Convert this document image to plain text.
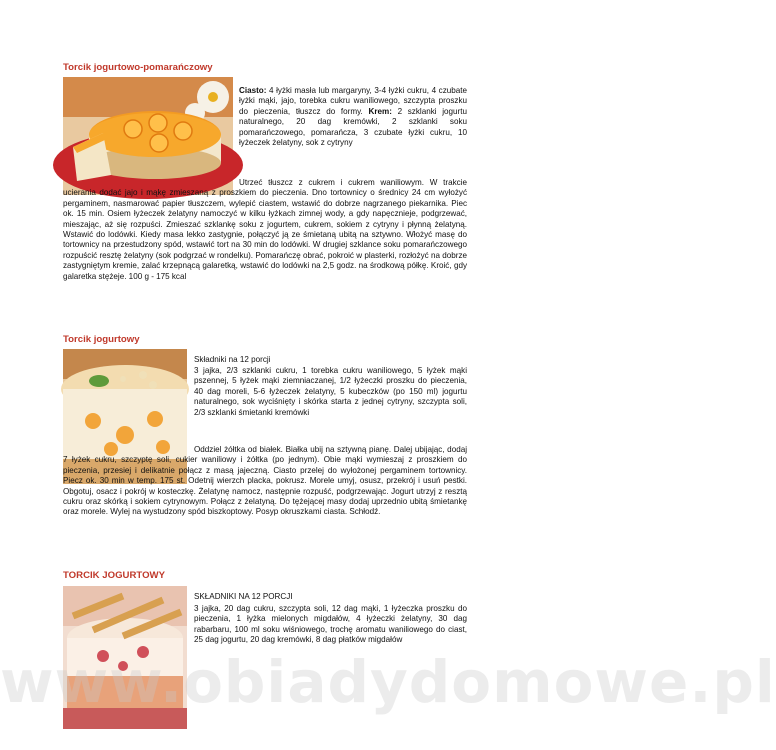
Torcik jogurtowo-pomarańczowy
Ciasto: 4 łyżki masła lub margaryny, 3-4 łyżki cukru, 4 czubate łyżki mąki, jajo, torebka cukru waniliowego, szczypta proszku do pieczenia, tłuszcz do formy. Krem: 2 szklanki jogurtu naturalnego, 20 dag kremówki, 2 szklanki soku pomarańczowego, pomarańcza, 3 czubate łyżki cukru, 10 łyżeczek żelatyny, sok z cytryny
Utrzeć tłuszcz z cukrem i cukrem waniliowym. W trakcie ucierania dodać jajo i mąkę zmieszaną z proszkiem do pieczenia. Dno tortownicy o średnicy 24 cm wyłożyć pergaminem, nasmarować papier tłuszczem, wylepić ciastem, wstawić do dobrze nagrzanego piekarnika. Piec ok. 15 min. Osiem łyżeczek żelatyny namoczyć w kilku łyżkach zimnej wody, a gdy napęcznieje, podgrzewać, mieszając, aż się rozpuści. Zmieszać szklankę soku z jogurtem, cukrem, sokiem z cytryny i płynną żelatyną. Wstawić do lodówki. Kiedy masa lekko zastygnie, połączyć ją ze śmietaną ubitą na sztywno. Włożyć masę do tortownicy na przestudzony spód, wstawić tort na 30 min do lodówki. W drugiej szklance soku pomarańczowego rozpuścić resztę żelatyny (sok podgrzać w rondelku). Pomarańczę obrać, pokroić w plasterki, rozłożyć na dobrze zastygniętym kremie, zalać krzepnącą galaretką, wstawić do lodówki na 2,5 godz. na środkową półkę. Kroić, gdy galaretka stężeje. 100 g - 175 kcal
Torcik jogurtowy
Składniki na 12 porcji
3 jajka, 2/3 szklanki cukru, 1 torebka cukru waniliowego, 5 łyżek mąki pszennej, 5 łyżek mąki ziemniaczanej, 1/2 łyżeczki proszku do pieczenia, 40 dag moreli, 5-6 łyżeczek żelatyny, 5 kubeczków (po 150 ml) jogurtu naturalnego, sok wyciśnięty i skórka starta z jednej cytryny, szczypta soli, 2/3 szklanki śmietanki kremówki
Oddziel żółtka od białek. Białka ubij na sztywną pianę. Dalej ubijając, dodaj 7 łyżek cukru, szczyptę soli, cukier waniliowy i żółtka (po jednym). Obie mąki wymieszaj z proszkiem do pieczenia, przesiej i delikatnie połącz z masą jajeczną. Ciasto przelej do wyłożonej pergaminem tortownicy. Piecz ok. 30 min w temp. 175 st. Odetnij wierzch placka, pokrusz. Morele umyj, osusz, przekrój i usuń pestki. Obgotuj, osacz i pokrój w kosteczkę. Żelatynę namocz, następnie rozpuść, podgrzewając. Jogurt utrzyj z resztą cukru oraz skórką i sokiem cytrynowym. Połącz z żelatyną. Do tężejącej masy dodaj uprzednio ubitą śmietankę oraz morele. Wylej na wystudzony spód biszkoptowy. Posyp okruszkami ciasta. Schłodź.
TORCIK JOGURTOWY
SKŁADNIKI NA 12 PORCJI
3 jajka, 20 dag cukru, szczypta soli, 12 dag mąki, 1 łyżeczka proszku do pieczenia, 1 łyżka mielonych migdałów, 4 łyżeczki żelatyny, 30 dag rabarbaru, 100 ml soku wiśniowego, trochę aromatu waniliowego do ciast, 25 dag jogurtu, 20 dag kremówki, 8 dag płatków migdałów
www.obiadydomowe.pl
